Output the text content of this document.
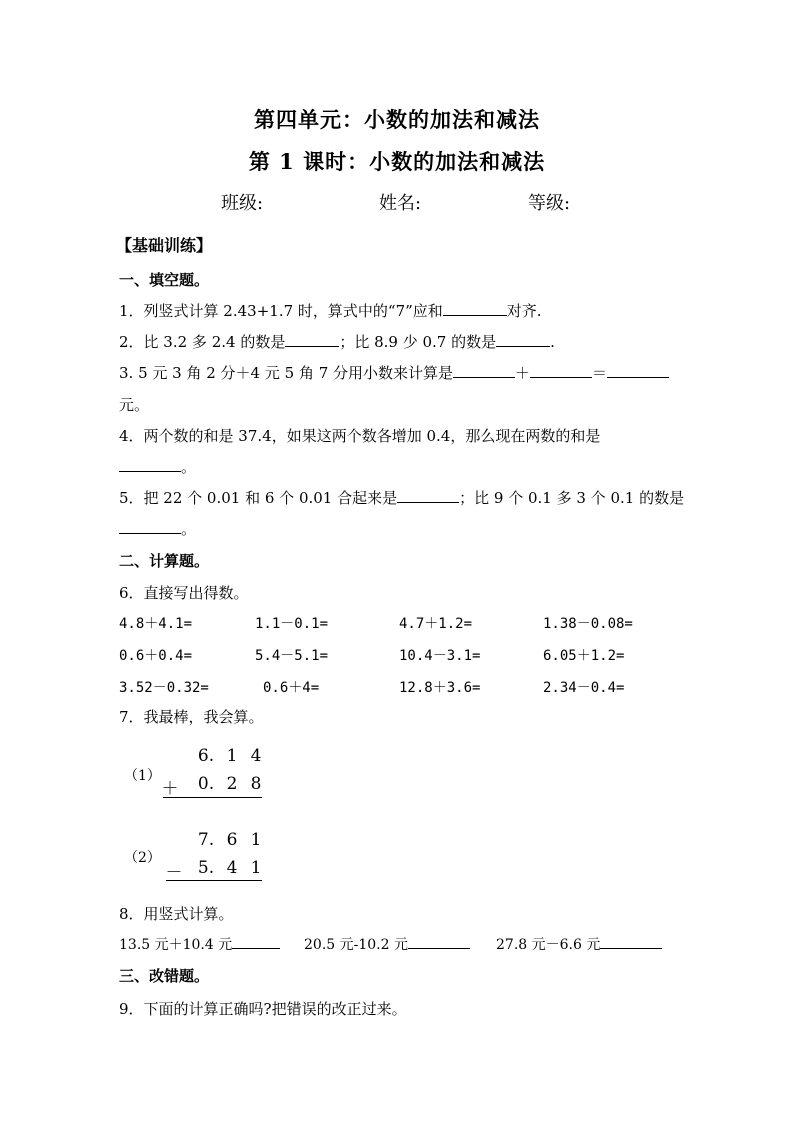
第四单元：小数的加法和减法
第 1 课时：小数的加法和减法
班级:	姓名:	等级:
【基础训练】
一、填空题。
1．列竖式计算 2.43+1.7 时，算式中的“7”应和	对齐.
2．比 3.2 多 2.4 的数是	；比 8.9 少 0.7 的数是	.
3. 5 元 3 角 2 分＋4 元 5 角 7 分用小数来计算是	＋	＝
元。
4．两个数的和是 37.4，如果这两个数各增加 0.4，那么现在两数的和是
。
5．把 22 个 0.01 和 6 个 0.01 合起来是	；比 9 个 0.1 多 3 个 0.1 的数是
。
二、计算题。
6．直接写出得数。
4.8＋4.1=	1.1－0.1=	4.7＋1.2=	1.38－0.08=
0.6＋0.4=	5.4－5.1=	10.4－3.1=	6.05＋1.2=
3.52－0.32=	0.6＋4=	12.8＋3.6=	2.34－0.4=
7．我最棒，我会算。
（1）
6. 1 4
＋ 0. 2 8
（2）
7. 6 1
－ 5. 4 1
8．用竖式计算。
13.5 元＋10.4 元	20.5 元-10.2 元	27.8 元－6.6 元
三、改错题。
9．下面的计算正确吗?把错误的改正过来。
